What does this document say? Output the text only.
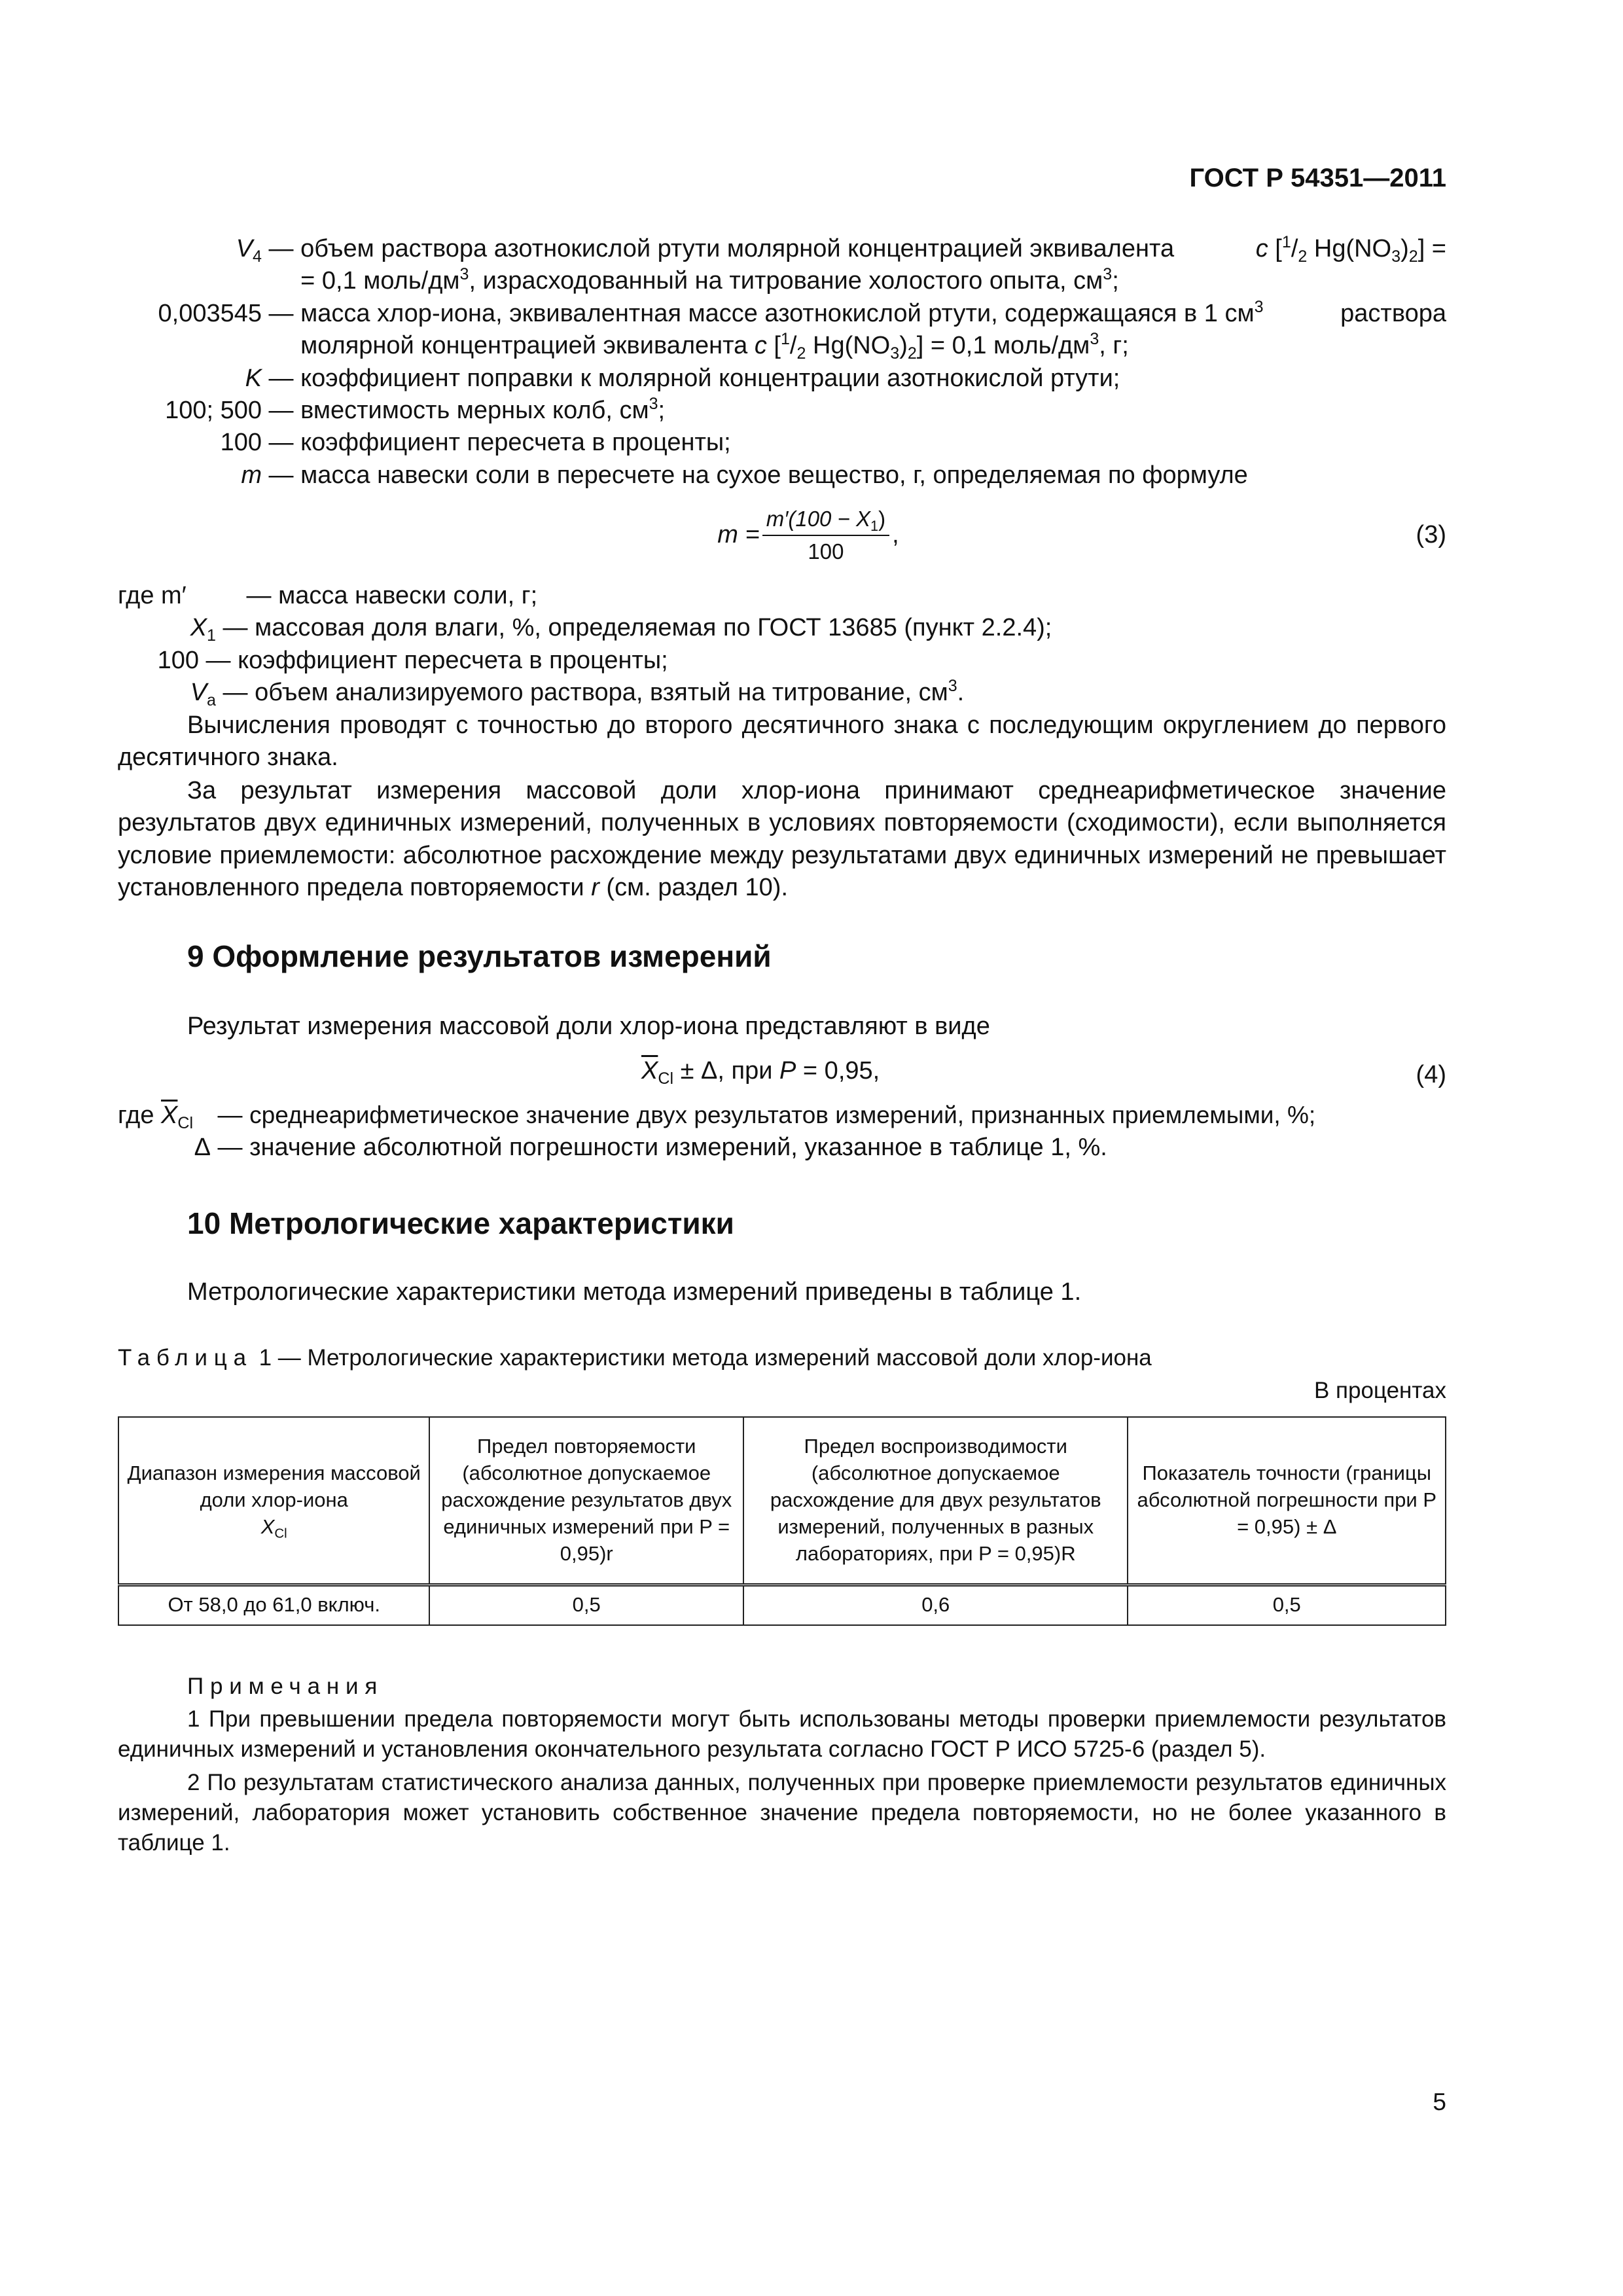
ГОСТ Р 54351—2011
$V_4$ — объем раствора азотнокислой ртути молярной концентрацией эквивалента	c [$^1/_2$ $Hg(NO_3)_2$] =
= 0,1 моль/$дм^3$, израсходованный на титрование холостого опыта, $см^3$;
0,003545 — масса хлор-иона, эквивалентная массе азотнокислой ртути, содержащаяся в 1 $см^3$	раствора
молярной концентрацией эквивалента c [$^1/_2$ $Hg(NO_3)_2] = 0,1$ моль/$дм^3$, г;
K — коэффициент поправки к молярной концентрации азотнокислой ртути;
100; 500 — вместимость мерных колб, $см^3$;
100 — коэффициент пересчета в проценты;
m — масса навески соли в пересчете на сухое вещество, г, определяемая по формуле
$m = \frac{m'(100 - X_1)}{100}$ ,	(3)
где m′	— масса навески соли, г;
$X_1$ — массовая доля влаги, %, определяемая по ГОСТ 13685 (пункт 2.2.4);
100 — коэффициент пересчета в проценты;
$V_а$ — объем анализируемого раствора, взятый на титрование, $см^3$.
Вычисления проводят с точностью до второго десятичного знака с последующим округлением до первого десятичного знака.
За результат измерения массовой доли хлор-иона принимают среднеарифметическое значение результатов двух единичных измерений, полученных в условиях повторяемости (сходимости), если выполняется условие приемлемости: абсолютное расхождение между результатами двух единичных измерений не превышает установленного предела повторяемости r (см. раздел 10).
9 Оформление результатов измерений
Результат измерения массовой доли хлор-иона представляют в виде
$\overline{X}_{Cl} \pm \Delta$, при P = 0,95,	(4)
где $\overline{X}_{Cl}$ — среднеарифметическое значение двух результатов измерений, признанных приемлемыми, %;
Δ — значение абсолютной погрешности измерений, указанное в таблице 1, %.
10 Метрологические характеристики
Метрологические характеристики метода измерений приведены в таблице 1.
Таблица 1 — Метрологические характеристики метода измерений массовой доли хлор-иона
В процентах
Диапазон измерения массовой доли хлор-иона
$X_{Cl}$	Предел повторяемости (абсолютное допускаемое расхождение результатов двух единичных измерений при P = 0,95)r	Предел воспроизводимости (абсолютное допускаемое расхождение для двух результатов измерений, полученных в разных лабораториях, при P = 0,95)R	Показатель точности (границы абсолютной погрешности при P = 0,95) ± Δ
От 58,0 до 61,0 включ.	0,5	0,6	0,5
Примечания
1 При превышении предела повторяемости могут быть использованы методы проверки приемлемости результатов единичных измерений и установления окончательного результата согласно ГОСТ Р ИСО 5725-6 (раздел 5).
2 По результатам статистического анализа данных, полученных при проверке приемлемости результатов единичных измерений, лаборатория может установить собственное значение предела повторяемости, но не более указанного в таблице 1.
5
